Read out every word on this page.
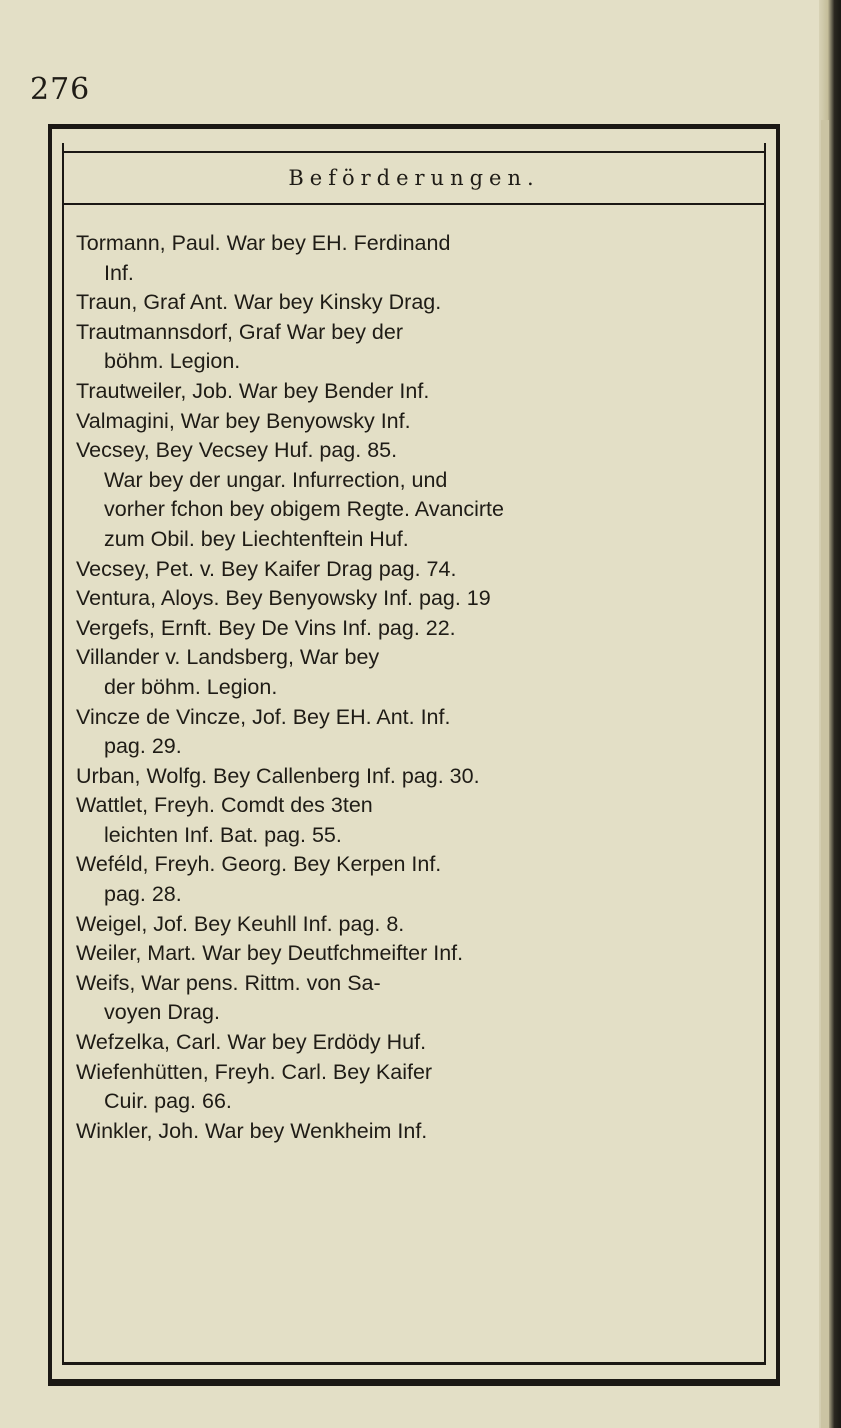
276
Beförderungen.
Tormann, Paul. War bey EH. Ferdinand
Inf.
Traun, Graf Ant. War bey Kinsky Drag.
Trautmannsdorf, Graf War bey der
böhm. Legion.
Trautweiler, Job. War bey Bender Inf.
Valmagini, War bey Benyowsky Inf.
Vecsey, Bey Vecsey Huf. pag. 85.
War bey der ungar. Infurrection, und
vorher fchon bey obigem Regte. Avancirte
zum Obil. bey Liechtenftein Huf.
Vecsey, Pet. v. Bey Kaifer Drag pag. 74.
Ventura, Aloys. Bey Benyowsky Inf. pag. 19
Vergefs, Ernft. Bey De Vins Inf. pag. 22.
Villander v. Landsberg, War bey
der böhm. Legion.
Vincze de Vincze, Jof. Bey EH. Ant. Inf.
pag. 29.
Urban, Wolfg. Bey Callenberg Inf. pag. 30.
Wattlet, Freyh. Comdt des 3ten
leichten Inf. Bat. pag. 55.
Weféld, Freyh. Georg. Bey Kerpen Inf.
pag. 28.
Weigel, Jof. Bey Keuhll Inf. pag. 8.
Weiler, Mart. War bey Deutfchmeifter Inf.
Weifs, War pens. Rittm. von Sa-
voyen Drag.
Wefzelka, Carl. War bey Erdödy Huf.
Wiefenhütten, Freyh. Carl. Bey Kaifer
Cuir. pag. 66.
Winkler, Joh. War bey Wenkheim Inf.
